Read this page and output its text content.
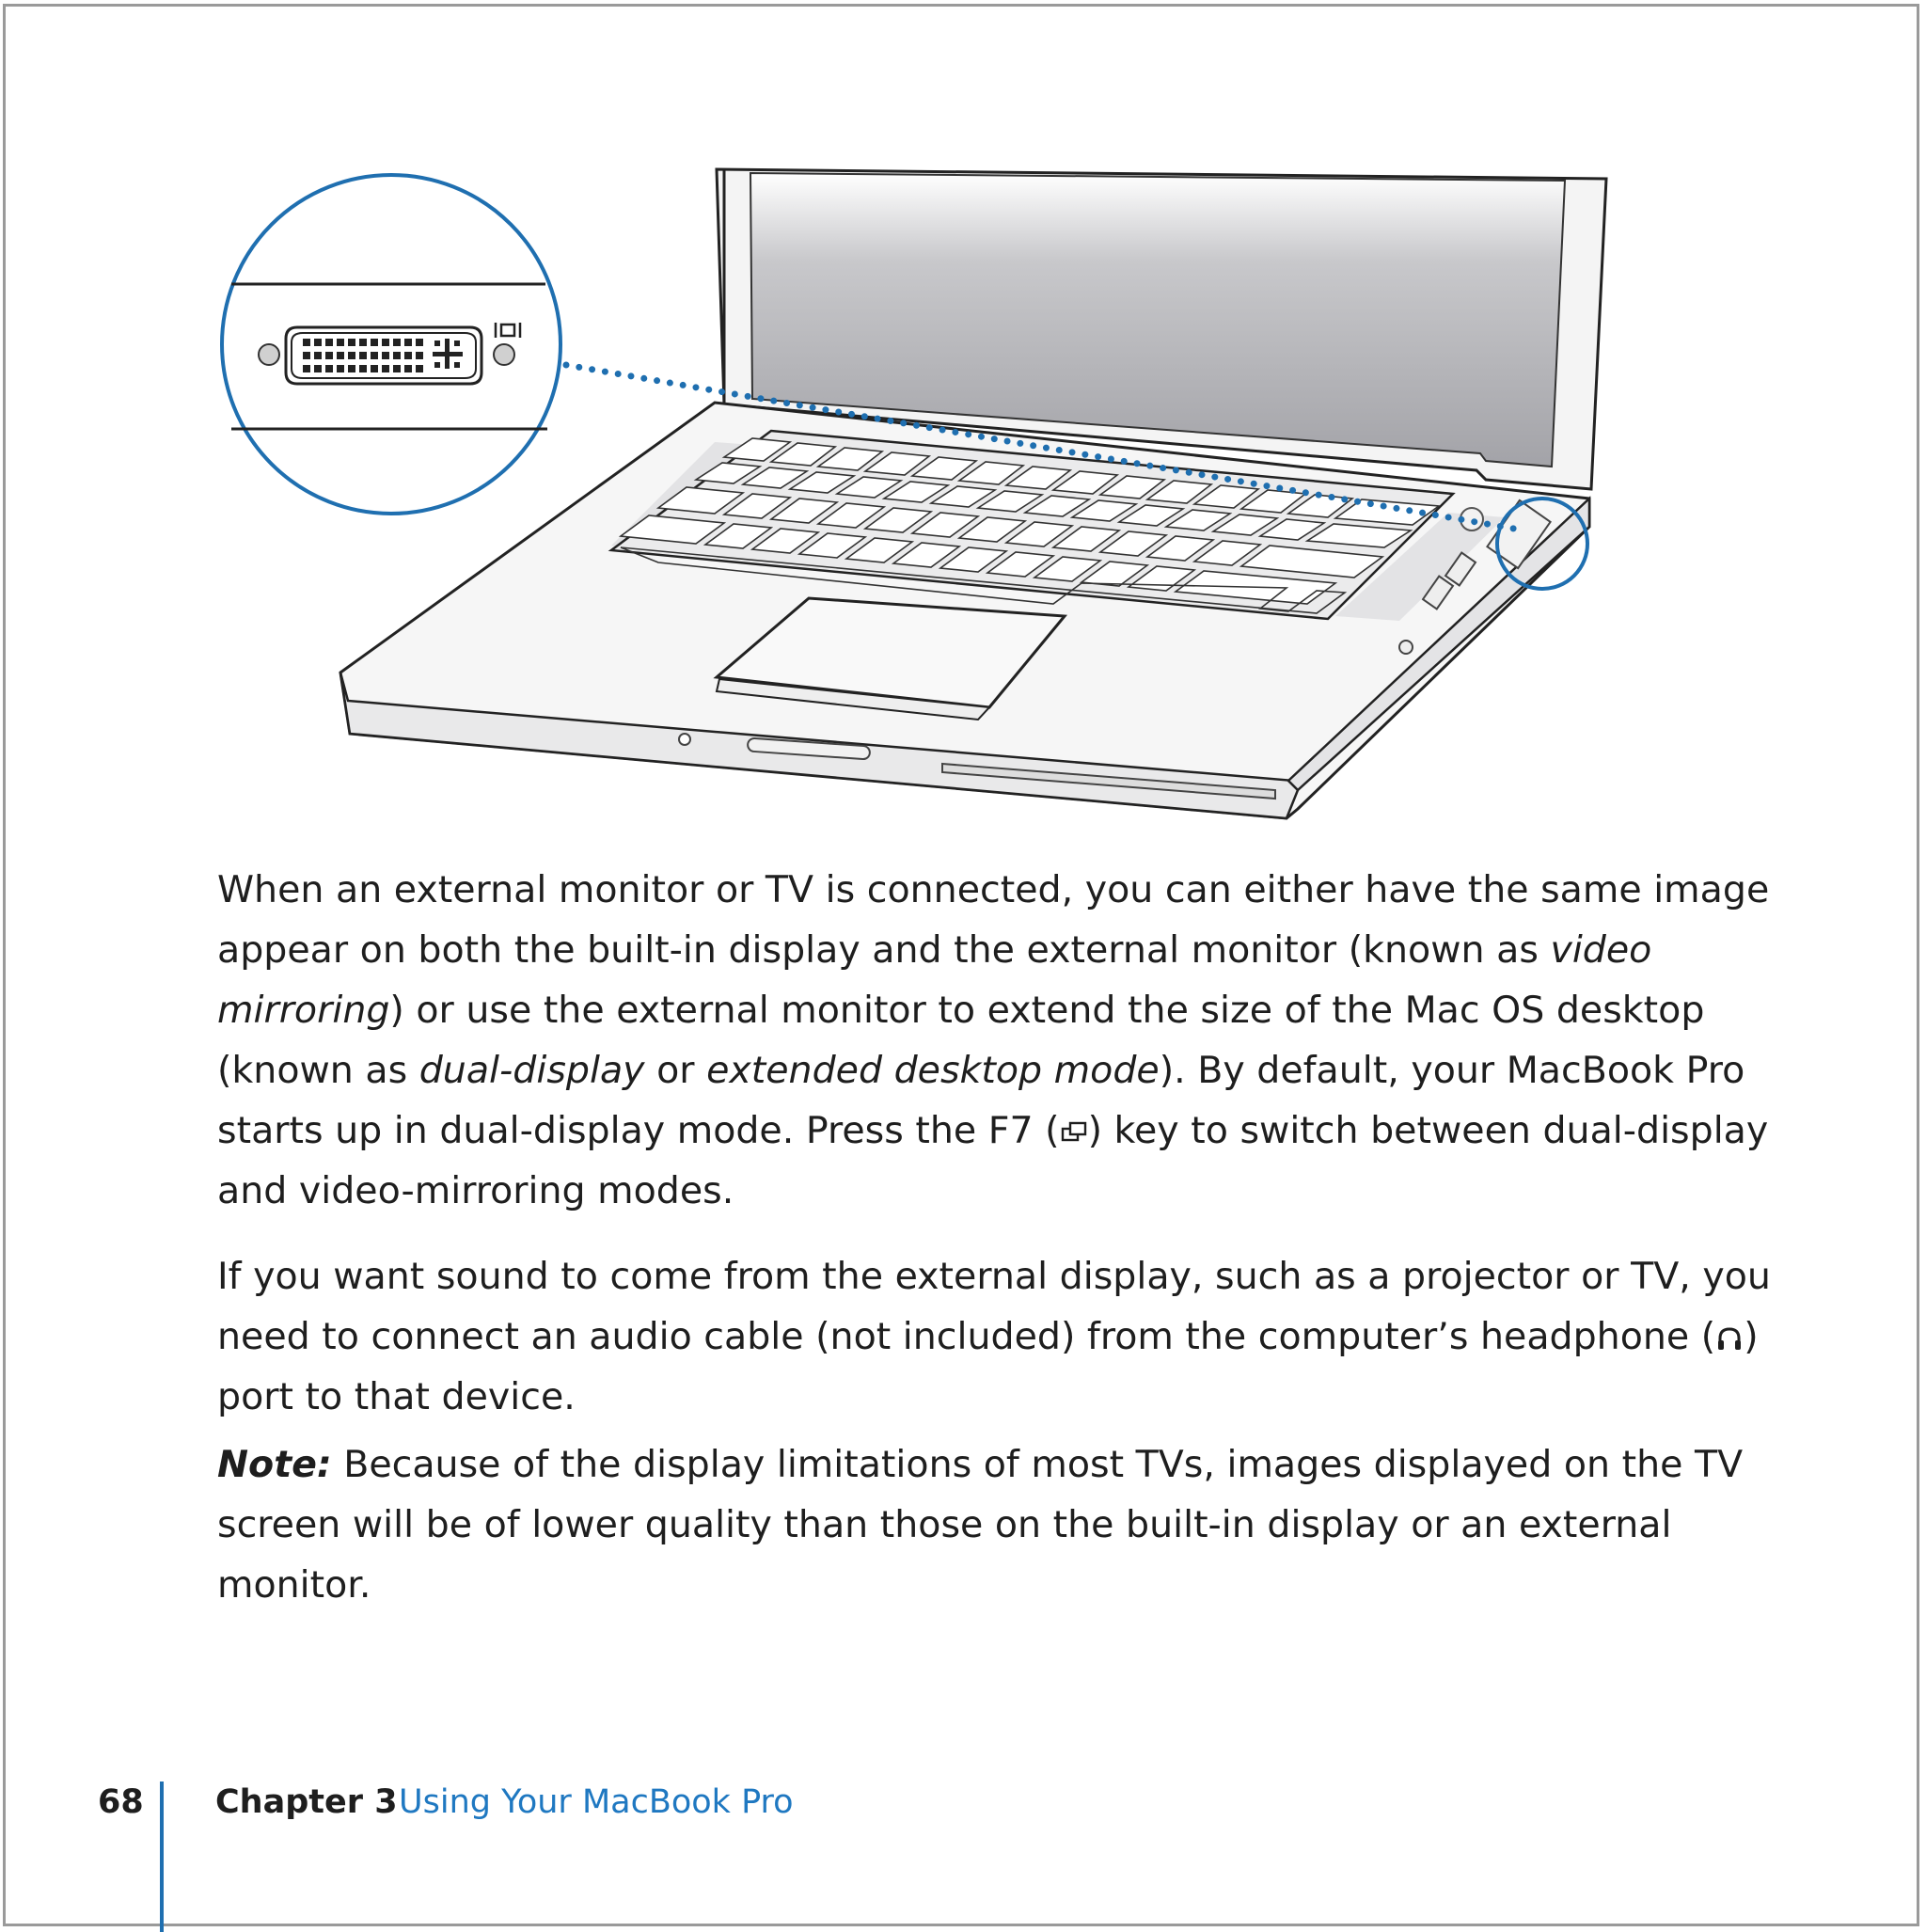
When an external monitor or TV is connected, you can either have the same image appear on both the built-in display and the external monitor (known as video mirroring) or use the external monitor to extend the size of the Mac OS desktop (known as dual-display or extended desktop mode). By default, your MacBook Pro starts up in dual-display mode. Press the F7 ( ) key to switch between dual-display and video-mirroring modes.

If you want sound to come from the external display, such as a projector or TV, you need to connect an audio cable (not included) from the computer’s headphone ( ) port to that device.

Note: Because of the display limitations of most TVs, images displayed on the TV screen will be of lower quality than those on the built-in display or an external monitor.

68 Chapter 3 Using Your MacBook Pro
